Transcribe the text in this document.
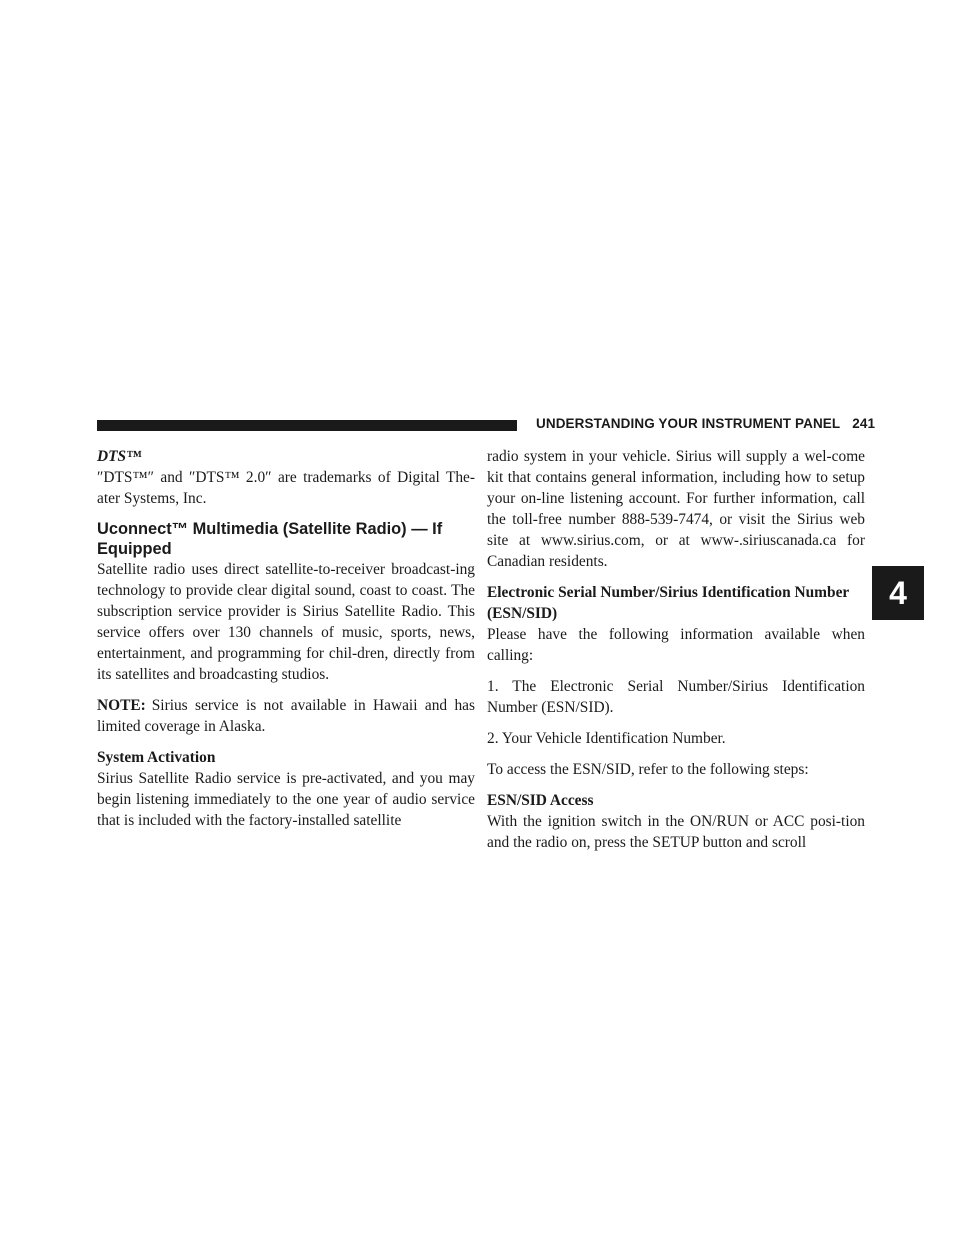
UNDERSTANDING YOUR INSTRUMENT PANEL 241
4

DTS™

″DTS™″ and ″DTS™ 2.0″ are trademarks of Digital The-ater Systems, Inc.

Uconnect™ Multimedia (Satellite Radio) — If Equipped

Satellite radio uses direct satellite-to-receiver broadcast-ing technology to provide clear digital sound, coast to coast. The subscription service provider is Sirius Satellite Radio. This service offers over 130 channels of music, sports, news, entertainment, and programming for chil-dren, directly from its satellites and broadcasting studios.

NOTE: Sirius service is not available in Hawaii and has limited coverage in Alaska.

System Activation

Sirius Satellite Radio service is pre-activated, and you may begin listening immediately to the one year of audio service that is included with the factory-installed satellite

radio system in your vehicle. Sirius will supply a wel-come kit that contains general information, including how to setup your on-line listening account. For further information, call the toll-free number 888-539-7474, or visit the Sirius web site at www.sirius.com, or at www-.siriuscanada.ca for Canadian residents.

Electronic Serial Number/Sirius Identification Number (ESN/SID)

Please have the following information available when calling:

1. The Electronic Serial Number/Sirius Identification Number (ESN/SID).

2. Your Vehicle Identification Number.

To access the ESN/SID, refer to the following steps:

ESN/SID Access

With the ignition switch in the ON/RUN or ACC posi-tion and the radio on, press the SETUP button and scroll
